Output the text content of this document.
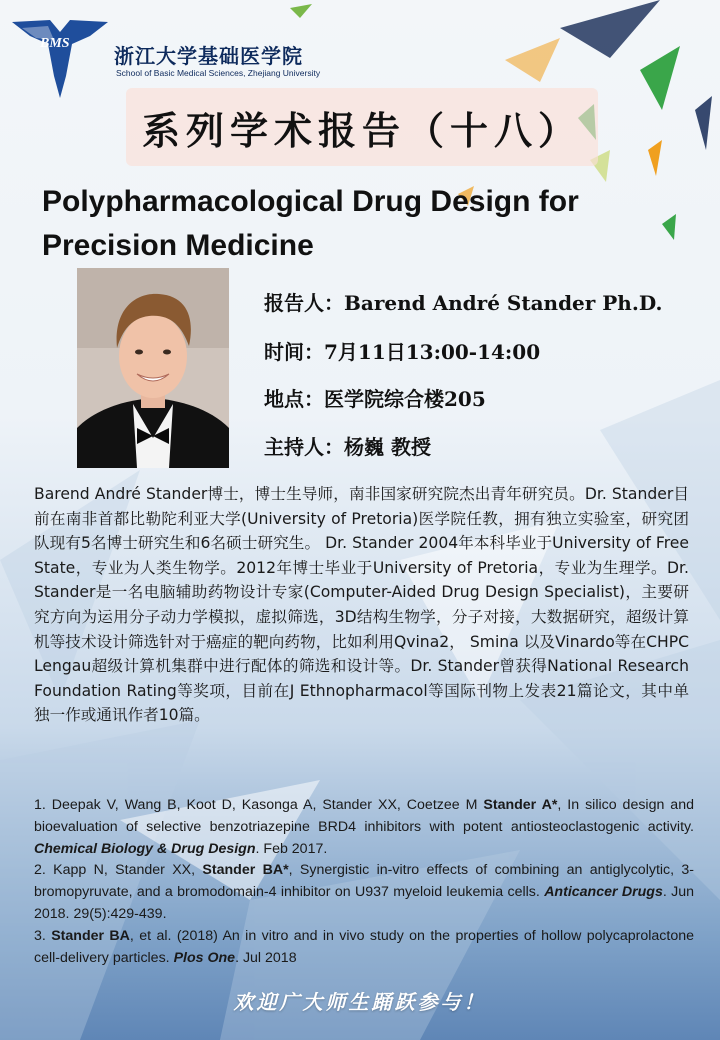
BMS
浙江大学基础医学院
School of Basic Medical Sciences, Zhejiang University
系列学术报告（十八）
Polypharmacological Drug Design for Precision Medicine
报告人：Barend André Stander Ph.D.
时间：7月11日13:00-14:00
地点：医学院综合楼205
主持人：杨巍 教授
Barend André Stander博士，博士生导师，南非国家研究院杰出青年研究员。Dr. Stander目前在南非首都比勒陀利亚大学(University of Pretoria)医学院任教，拥有独立实验室，研究团队现有5名博士研究生和6名硕士研究生。 Dr. Stander 2004年本科毕业于University of Free State，专业为人类生物学。2012年博士毕业于University of Pretoria，专业为生理学。Dr. Stander是一名电脑辅助药物设计专家(Computer-Aided Drug Design Specialist)，主要研究方向为运用分子动力学模拟，虚拟筛选，3D结构生物学，分子对接，大数据研究，超级计算机等技术设计筛选针对于癌症的靶向药物，比如利用Qvina2， Smina 以及Vinardo等在CHPC Lengau超级计算机集群中进行配体的筛选和设计等。Dr. Stander曾获得National Research Foundation Rating等奖项，目前在J Ethnopharmacol等国际刊物上发表21篇论文，其中单独一作或通讯作者10篇。

1. Deepak V, Wang B, Koot D, Kasonga A, Stander XX, Coetzee M Stander A*, In silico design and bioevaluation of selective benzotriazepine BRD4 inhibitors with potent antiosteoclastogenic activity. Chemical Biology & Drug Design. Feb 2017.

2. Kapp N, Stander XX, Stander BA*, Synergistic in-vitro effects of combining an antiglycolytic, 3-bromopyruvate, and a bromodomain-4 inhibitor on U937 myeloid leukemia cells. Anticancer Drugs. Jun 2018. 29(5):429-439.

3. Stander BA, et al. (2018) An in vitro and in vivo study on the properties of hollow polycaprolactone cell-delivery particles. Plos One. Jul 2018

欢迎广大师生踊跃参与！
